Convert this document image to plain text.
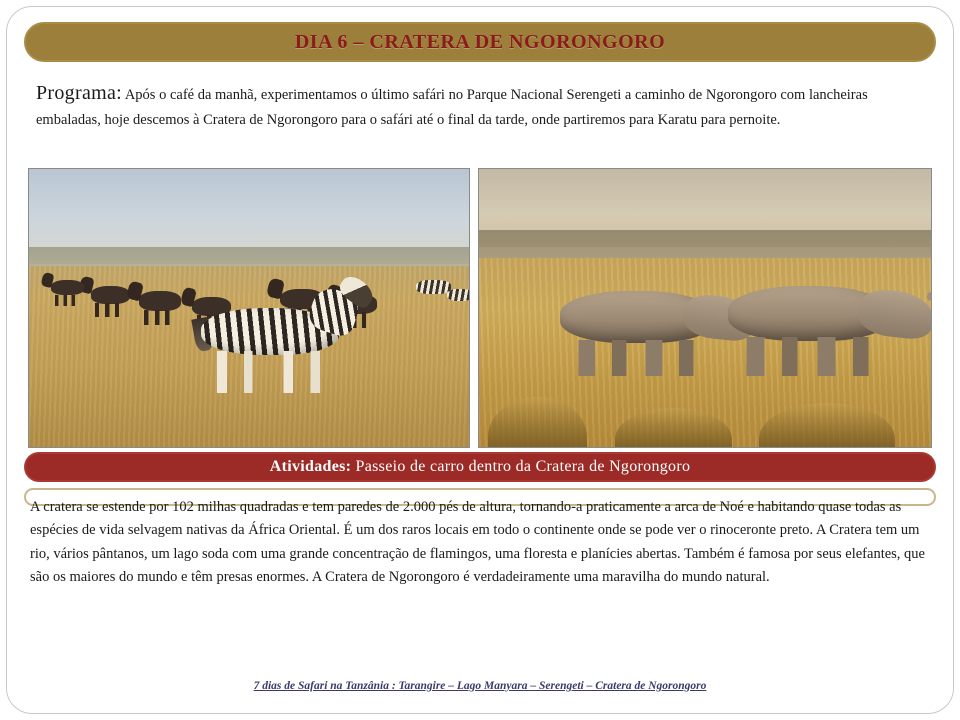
DIA 6 – CRATERA DE NGORONGORO
Programa: Após o café da manhã, experimentamos o último safári no Parque Nacional Serengeti a caminho de Ngorongoro com lancheiras embaladas, hoje descemos à Cratera de Ngorongoro para o safári até o final da tarde, onde partiremos para Karatu para pernoite.
Atividades: Passeio de carro dentro da Cratera de Ngorongoro
A cratera se estende por 102 milhas quadradas e tem paredes de 2.000 pés de altura, tornando-a praticamente a arca de Noé e habitando quase todas as espécies de vida selvagem nativas da África Oriental. É um dos raros locais em todo o continente onde se pode ver o rinoceronte preto. A Cratera tem um rio, vários pântanos, um lago soda com uma grande concentração de flamingos, uma floresta e planícies abertas. Também é famosa por seus elefantes, que são os maiores do mundo e têm presas enormes. A Cratera de Ngorongoro é verdadeiramente uma maravilha do mundo natural.
7 dias de Safari na Tanzânia : Tarangire – Lago Manyara – Serengeti – Cratera de Ngorongoro
